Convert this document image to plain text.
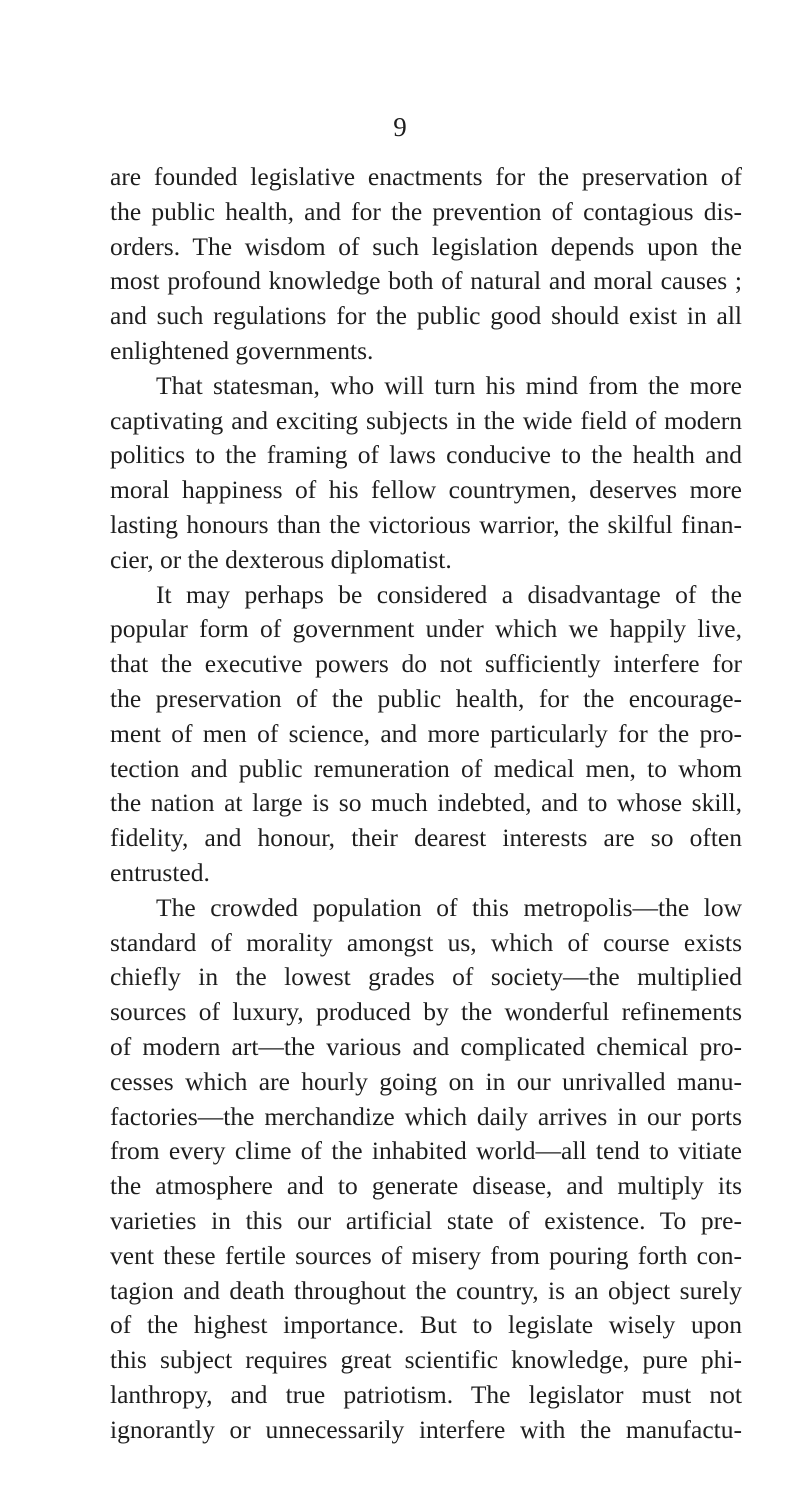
9
are founded legislative enactments for the preservation of
the public health, and for the prevention of contagious dis-
orders. The wisdom of such legislation depends upon the
most profound knowledge both of natural and moral causes ;
and such regulations for the public good should exist in all
enlightened governments.
That statesman, who will turn his mind from the more
captivating and exciting subjects in the wide field of modern
politics to the framing of laws conducive to the health and
moral happiness of his fellow countrymen, deserves more
lasting honours than the victorious warrior, the skilful finan-
cier, or the dexterous diplomatist.
It may perhaps be considered a disadvantage of the
popular form of government under which we happily live,
that the executive powers do not sufficiently interfere for
the preservation of the public health, for the encourage-
ment of men of science, and more particularly for the pro-
tection and public remuneration of medical men, to whom
the nation at large is so much indebted, and to whose skill,
fidelity, and honour, their dearest interests are so often
entrusted.
The crowded population of this metropolis—the low
standard of morality amongst us, which of course exists
chiefly in the lowest grades of society—the multiplied
sources of luxury, produced by the wonderful refinements
of modern art—the various and complicated chemical pro-
cesses which are hourly going on in our unrivalled manu-
factories—the merchandize which daily arrives in our ports
from every clime of the inhabited world—all tend to vitiate
the atmosphere and to generate disease, and multiply its
varieties in this our artificial state of existence. To pre-
vent these fertile sources of misery from pouring forth con-
tagion and death throughout the country, is an object surely
of the highest importance. But to legislate wisely upon
this subject requires great scientific knowledge, pure phi-
lanthropy, and true patriotism. The legislator must not
ignorantly or unnecessarily interfere with the manufactu-
